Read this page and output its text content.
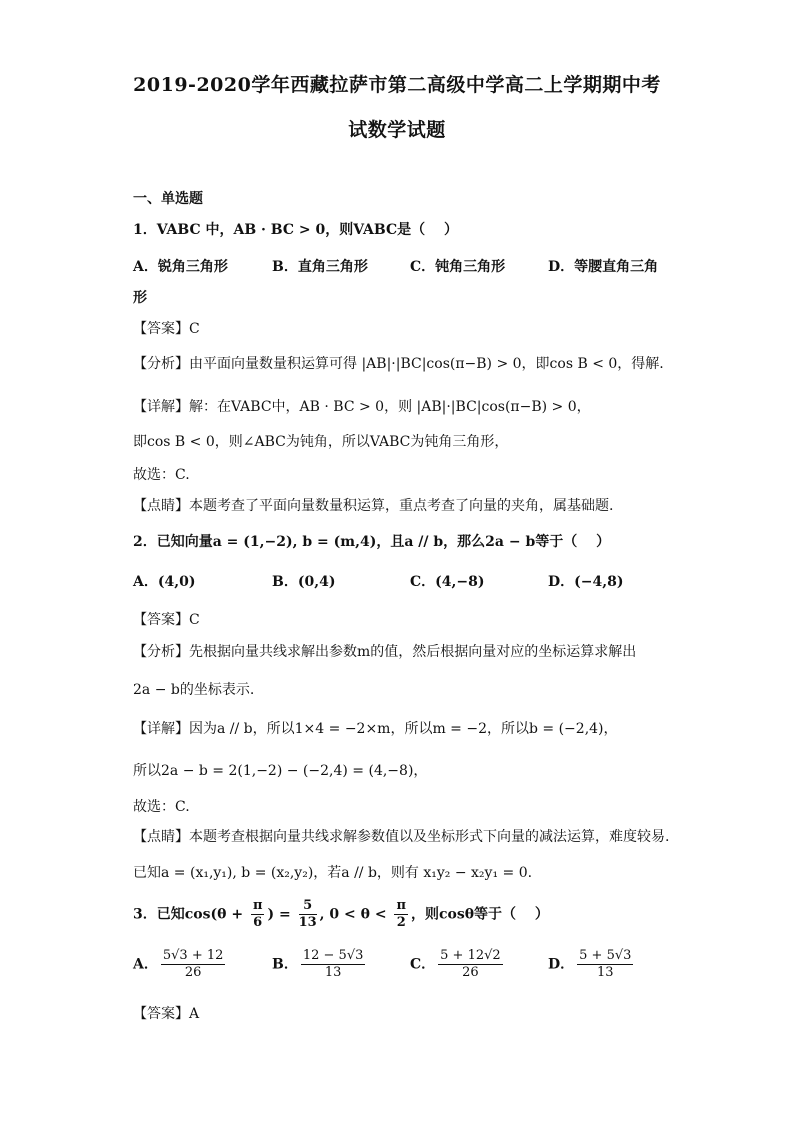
2019-2020学年西藏拉萨市第二高级中学高二上学期期中考
试数学试题
一、单选题
1．VABC 中，AB · BC > 0，则VABC是（　 ）
A．锐角三角形	B．直角三角形	C．钝角三角形	D．等腰直角三角
形
【答案】C
【分析】由平面向量数量积运算可得 |AB|·|BC|cos(π−B) > 0，即cos B < 0，得解.
【详解】解：在VABC中，AB · BC > 0，则 |AB|·|BC|cos(π−B) > 0，
即cos B < 0，则∠ABC为钝角，所以VABC为钝角三角形，
故选：C.
【点睛】本题考查了平面向量数量积运算，重点考查了向量的夹角，属基础题.
2．已知向量a = (1,−2), b = (m,4)，且a // b，那么2a − b等于（　 ）
A．(4,0)	B．(0,4)	C．(4,−8)	D．(−4,8)
【答案】C
【分析】先根据向量共线求解出参数m的值，然后根据向量对应的坐标运算求解出
2a − b的坐标表示.
【详解】因为a // b，所以1×4 = −2×m，所以m = −2，所以b = (−2,4)，
所以2a − b = 2(1,−2) − (−2,4) = (4,−8)，
故选：C.
【点睛】本题考查根据向量共线求解参数值以及坐标形式下向量的减法运算，难度较易.
已知a = (x₁,y₁), b = (x₂,y₂)，若a // b，则有 x₁y₂ − x₂y₁ = 0.
3．已知$\cos(\theta + \frac{\pi}{6}$ ) = $\frac{5}{13}$ , $0 < \theta < \frac{\pi}{2}$ ，则cosθ等于（　 ）
A． $\frac{5√3 + 12}{26}$	B． $\frac{12 - 5√3}{13}$	C． $\frac{5 + 12√2}{26}$	D． $\frac{5 + 5√3}{13}$
【答案】A
